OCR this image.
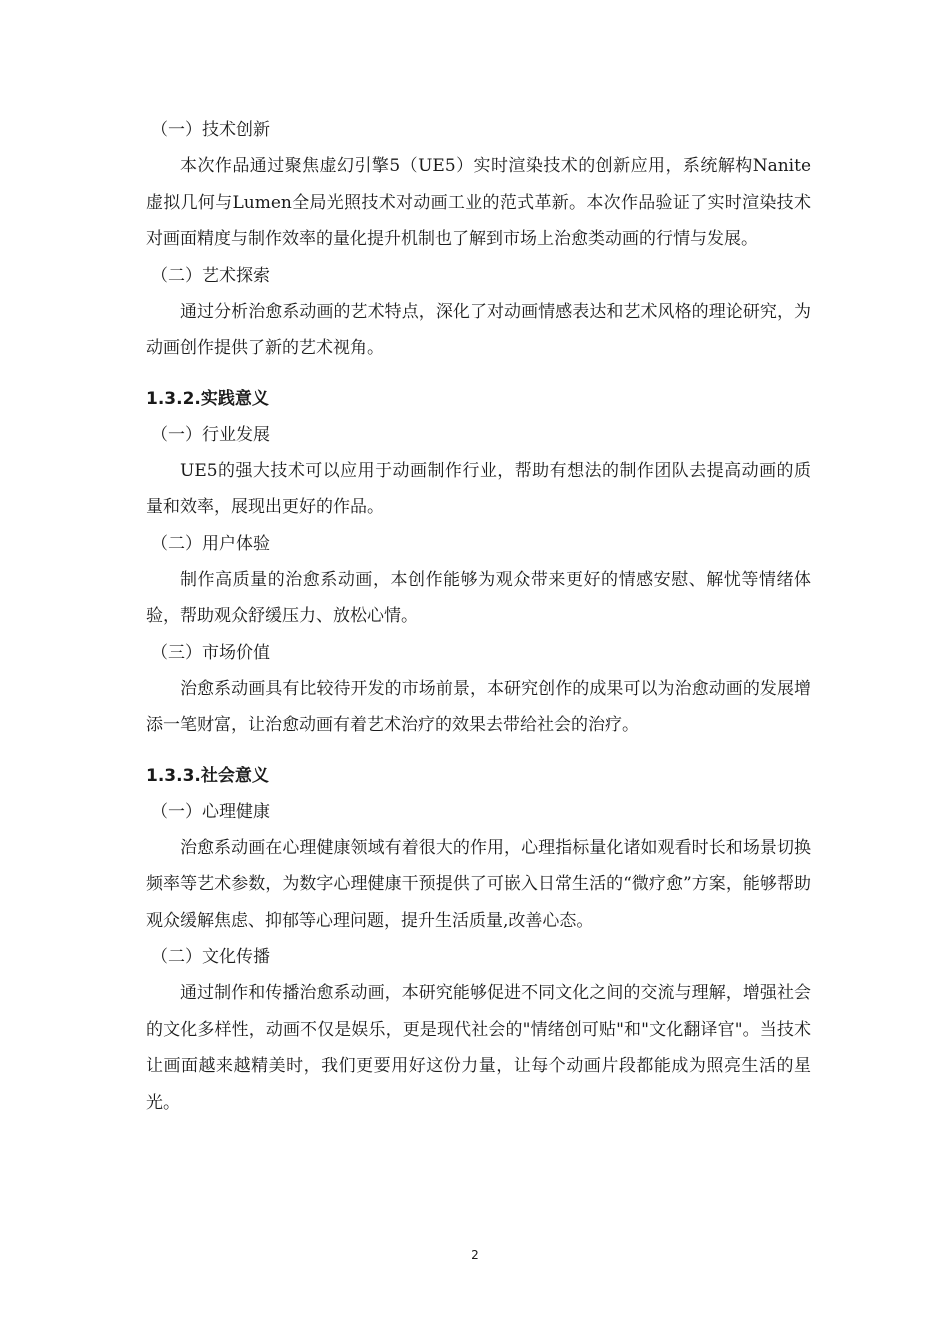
（一）技术创新

本次作品通过聚焦虚幻引擎5（UE5）实时渲染技术的创新应用，系统解构Nanite虚拟几何与Lumen全局光照技术对动画工业的范式革新。本次作品验证了实时渲染技术对画面精度与制作效率的量化提升机制也了解到市场上治愈类动画的行情与发展。

（二）艺术探索

通过分析治愈系动画的艺术特点，深化了对动画情感表达和艺术风格的理论研究，为动画创作提供了新的艺术视角。

1.3.2.实践意义
（一）行业发展

UE5的强大技术可以应用于动画制作行业，帮助有想法的制作团队去提高动画的质量和效率，展现出更好的作品。

（二）用户体验

制作高质量的治愈系动画，本创作能够为观众带来更好的情感安慰、解忧等情绪体验，帮助观众舒缓压力、放松心情。

（三）市场价值

治愈系动画具有比较待开发的市场前景，本研究创作的成果可以为治愈动画的发展增添一笔财富，让治愈动画有着艺术治疗的效果去带给社会的治疗。

1.3.3.社会意义
（一）心理健康

治愈系动画在心理健康领域有着很大的作用，心理指标量化诸如观看时长和场景切换频率等艺术参数，为数字心理健康干预提供了可嵌入日常生活的“微疗愈”方案，能够帮助观众缓解焦虑、抑郁等心理问题，提升生活质量,改善心态。

（二）文化传播

通过制作和传播治愈系动画，本研究能够促进不同文化之间的交流与理解，增强社会的文化多样性，动画不仅是娱乐，更是现代社会的"情绪创可贴"和"文化翻译官"。当技术让画面越来越精美时，我们更要用好这份力量，让每个动画片段都能成为照亮生活的星光。

2
